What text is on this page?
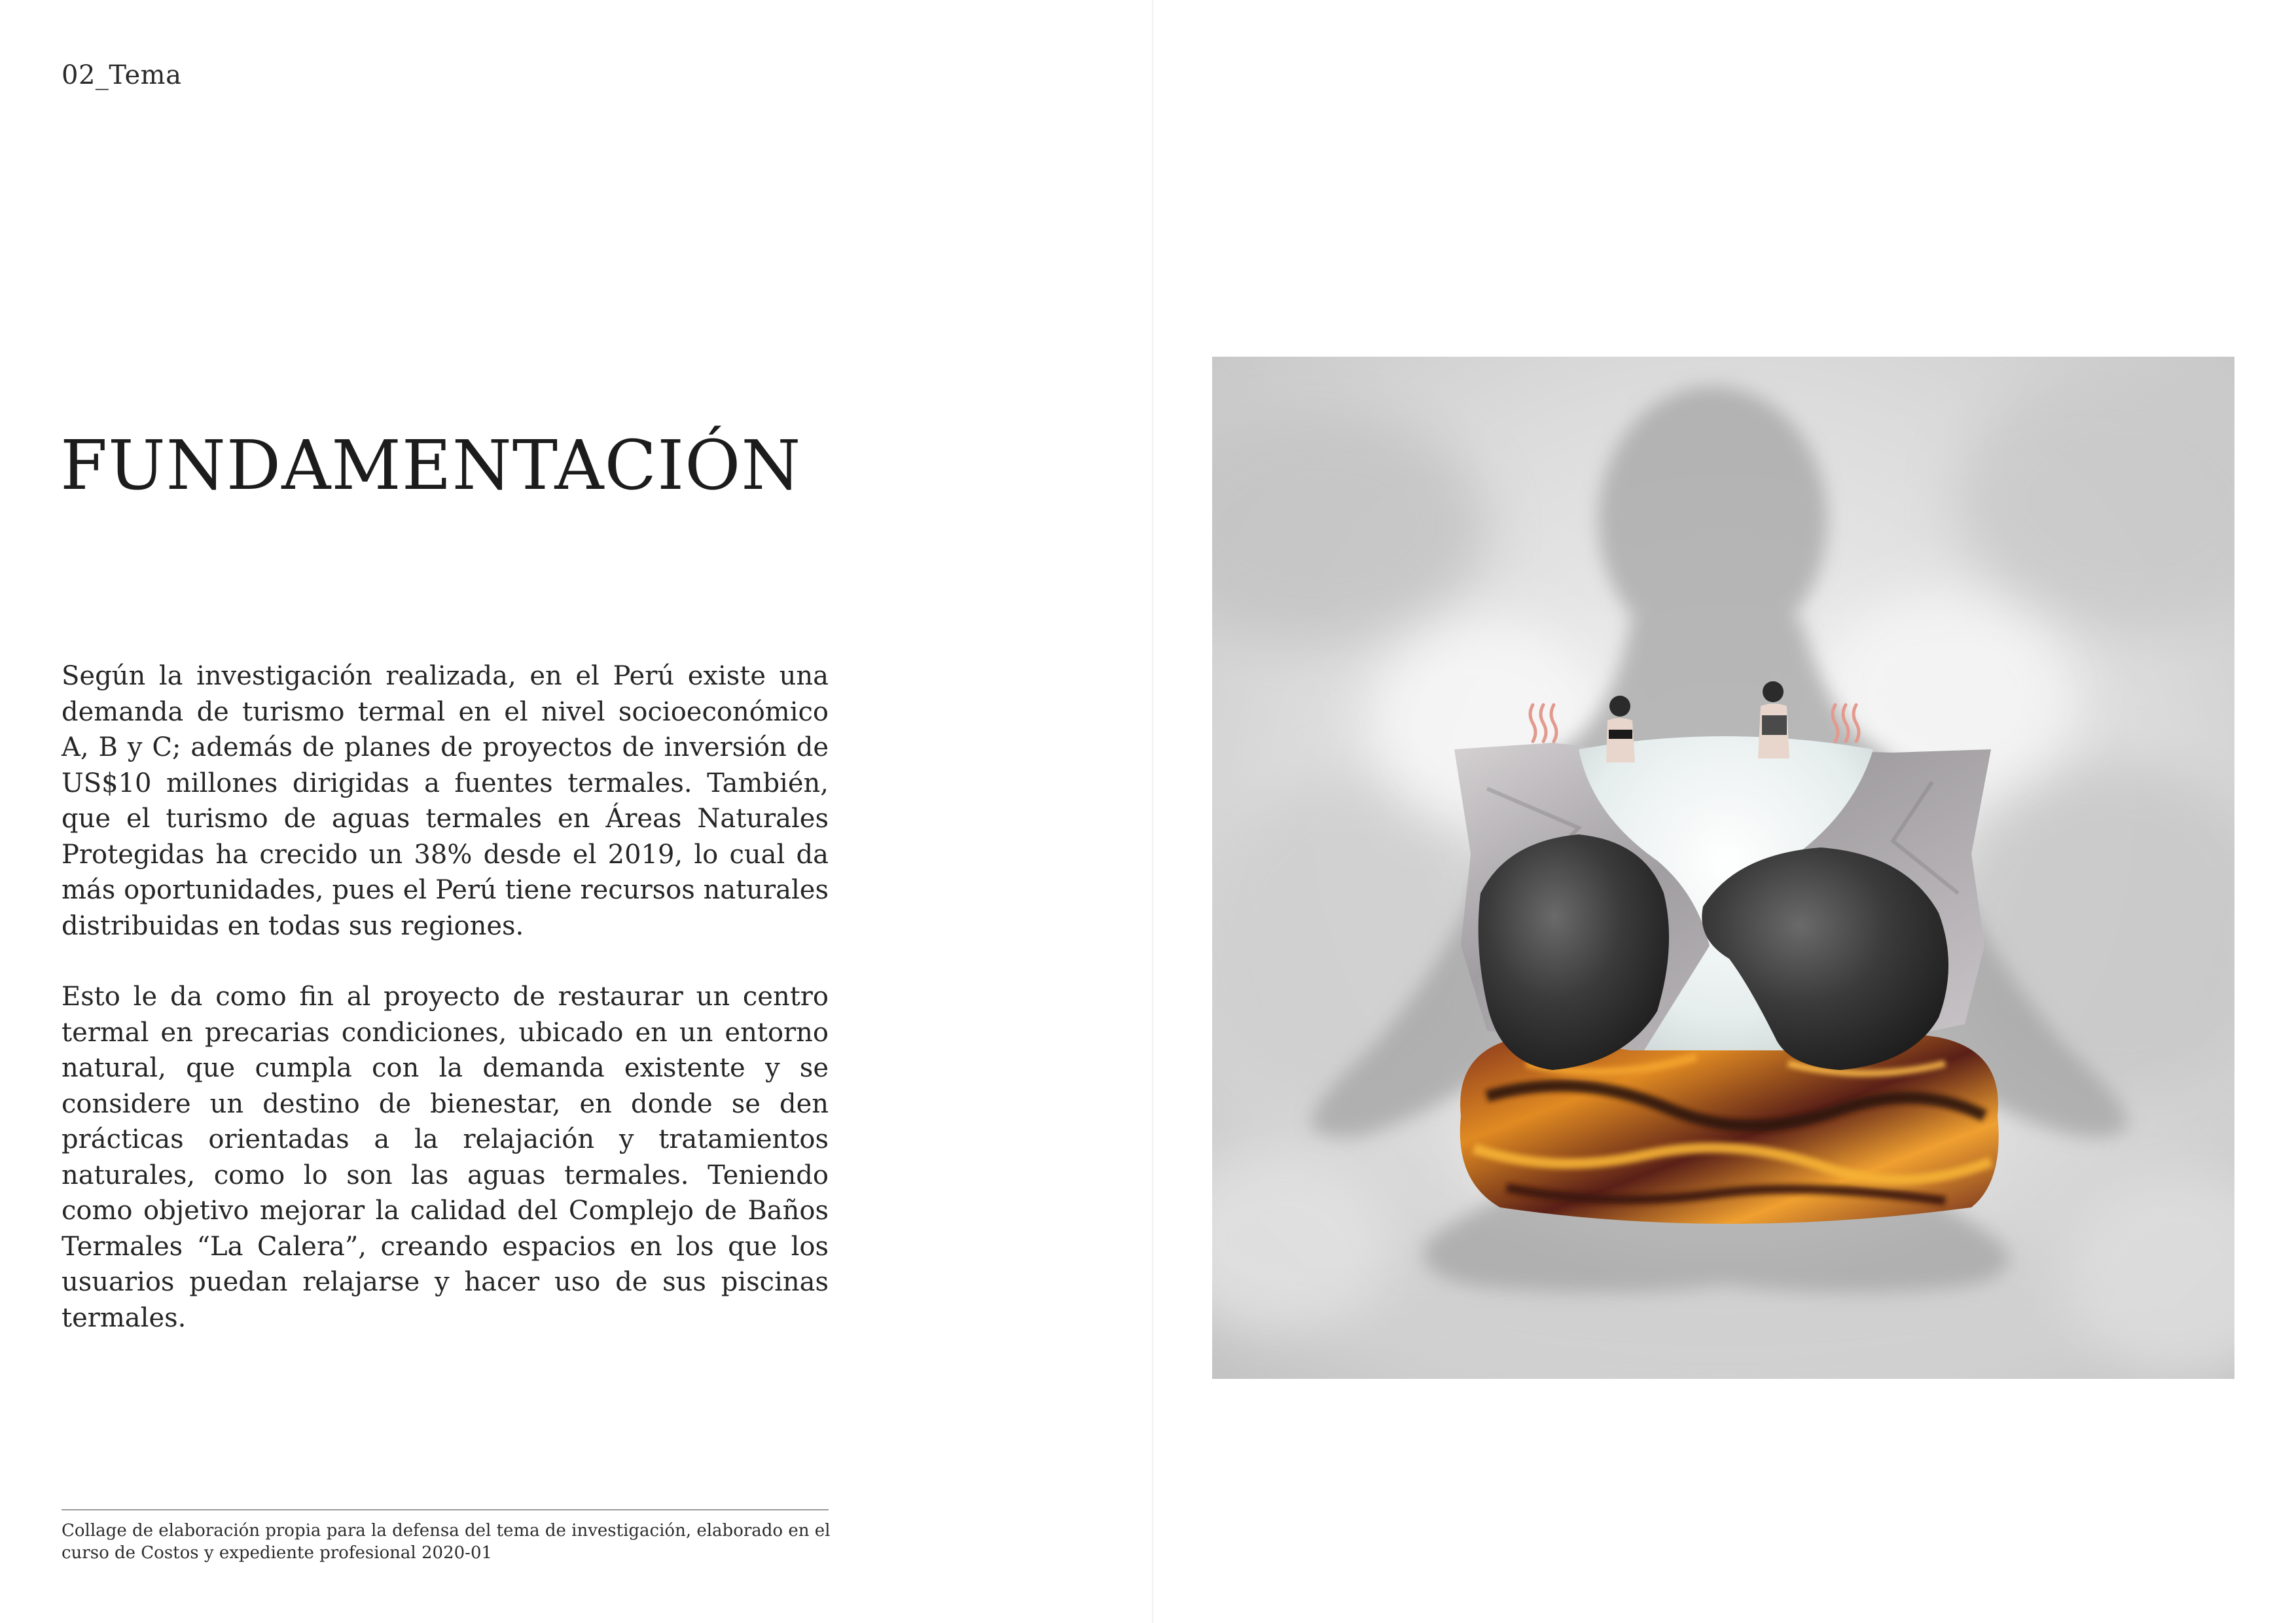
02_Tema
FUNDAMENTACIÓN

Según la investigación realizada, en el Perú existe una demanda de turismo termal en el nivel socioeconómico A, B y C; además de planes de proyectos de inversión de US$10 millones dirigidas a fuentes termales. También, que el turismo de aguas termales en Áreas Naturales Protegidas ha crecido un 38% desde el 2019, lo cual da más oportunidades, pues el Perú tiene recursos naturales distribuidas en todas sus regiones.

Esto le da como fin al proyecto de restaurar un centro termal en precarias condiciones, ubicado en un entorno natural, que cumpla con la demanda existente y se considere un destino de bienestar, en donde se den prácticas orientadas a la relajación y tratamientos naturales, como lo son las aguas termales. Teniendo como objetivo mejorar la calidad del Complejo de Baños Termales “La Calera”, creando espacios en los que los usuarios puedan relajarse y hacer uso de sus piscinas termales.

Collage de elaboración propia para la defensa del tema de investigación, elaborado en el curso de Costos y expediente profesional 2020-01
